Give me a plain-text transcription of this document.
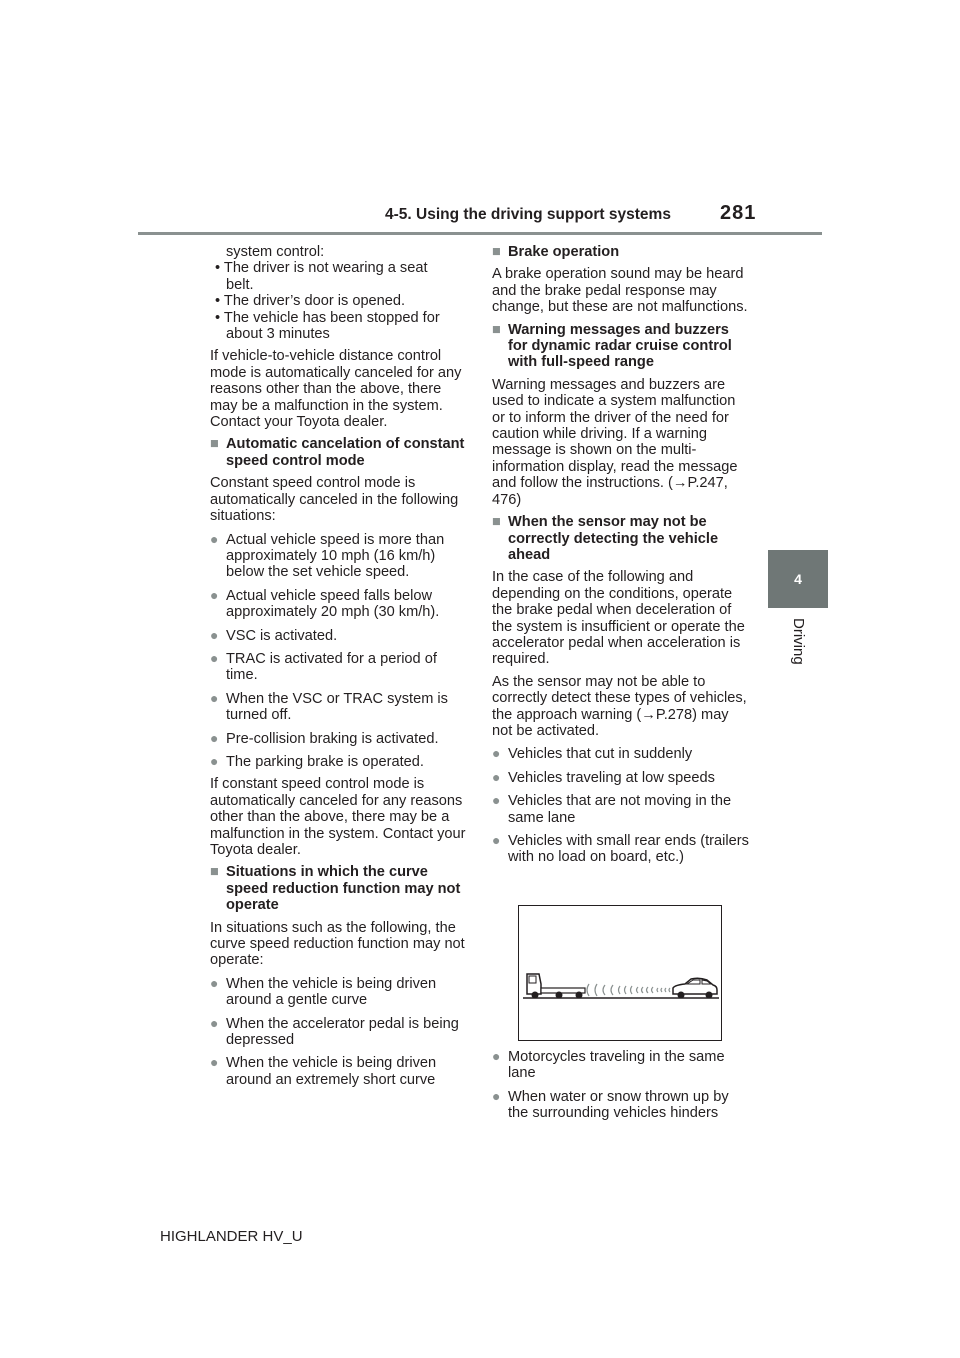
4-5. Using the driving support systems 281
4
Driving

system control:

• The driver is not wearing a seat
belt.
• The driver’s door is opened.
• The vehicle has been stopped for
about 3 minutes

If vehicle-to-vehicle distance control mode is automatically canceled for any reasons other than the above, there may be a malfunction in the system. Contact your Toyota dealer.

■ Automatic cancelation of constant speed control mode

Constant speed control mode is automatically canceled in the following situations:

● Actual vehicle speed is more than approximately 10 mph (16 km/h) below the set vehicle speed.
● Actual vehicle speed falls below approximately 20 mph (30 km/h).
● VSC is activated.
● TRAC is activated for a period of time.
● When the VSC or TRAC system is turned off.
● Pre-collision braking is activated.
● The parking brake is operated.

If constant speed control mode is automatically canceled for any reasons other than the above, there may be a malfunction in the system. Contact your Toyota dealer.

■ Situations in which the curve speed reduction function may not operate

In situations such as the following, the curve speed reduction function may not operate:

● When the vehicle is being driven around a gentle curve
● When the accelerator pedal is being depressed
● When the vehicle is being driven around an extremely short curve
■ Brake operation

A brake operation sound may be heard and the brake pedal response may change, but these are not malfunctions.

■ Warning messages and buzzers for dynamic radar cruise control with full-speed range

Warning messages and buzzers are used to indicate a system malfunction or to inform the driver of the need for caution while driving. If a warning message is shown on the multi-information display, read the message and follow the instructions. (→P.247, 476)

■ When the sensor may not be correctly detecting the vehicle ahead

In the case of the following and depending on the conditions, operate the brake pedal when deceleration of the system is insufficient or operate the accelerator pedal when acceleration is required.

As the sensor may not be able to correctly detect these types of vehicles, the approach warning (→P.278) may not be activated.

● Vehicles that cut in suddenly
● Vehicles traveling at low speeds
● Vehicles that are not moving in the same lane
● Vehicles with small rear ends (trailers with no load on board, etc.)
● Motorcycles traveling in the same lane
● When water or snow thrown up by the surrounding vehicles hinders
HIGHLANDER HV_U
